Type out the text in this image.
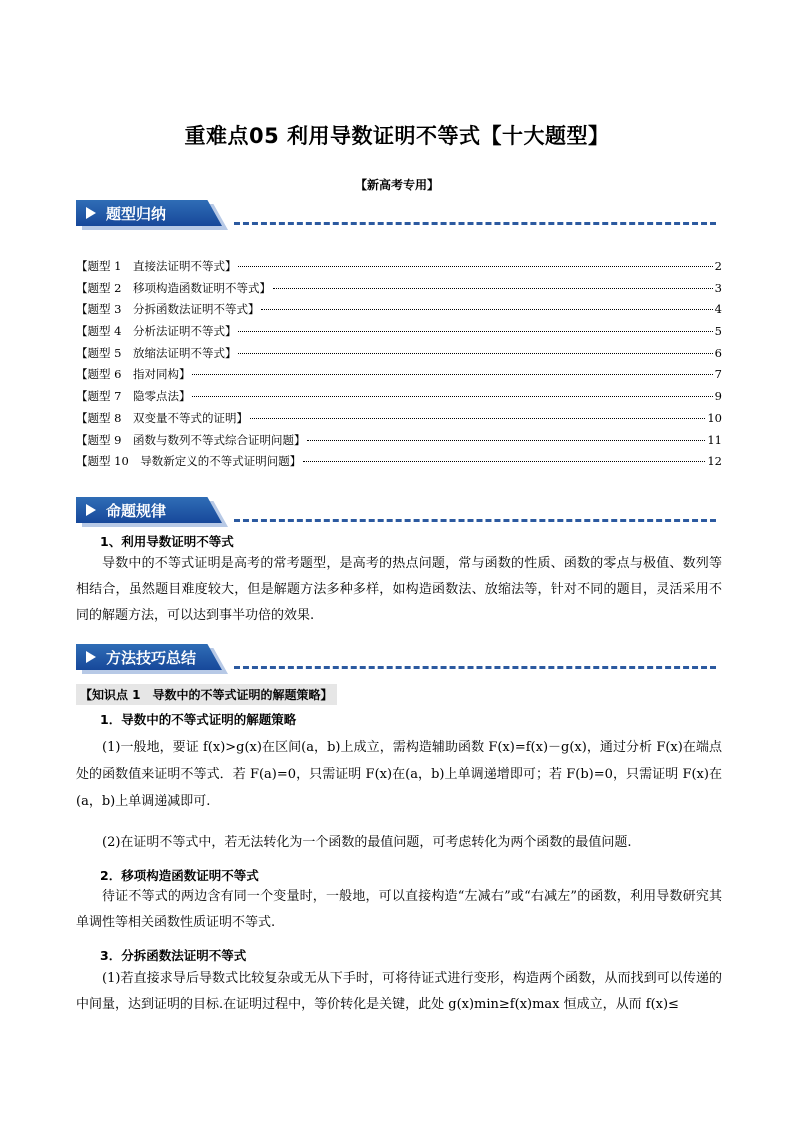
重难点05 利用导数证明不等式【十大题型】
【新高考专用】
题型归纳
【题型 1　直接法证明不等式】	2
【题型 2　移项构造函数证明不等式】	3
【题型 3　分拆函数法证明不等式】	4
【题型 4　分析法证明不等式】	5
【题型 5　放缩法证明不等式】	6
【题型 6　指对同构】	7
【题型 7　隐零点法】	9
【题型 8　双变量不等式的证明】	10
【题型 9　函数与数列不等式综合证明问题】	11
【题型 10　导数新定义的不等式证明问题】	12
命题规律
1、利用导数证明不等式
导数中的不等式证明是高考的常考题型，是高考的热点问题，常与函数的性质、函数的零点与极值、数列等相结合，虽然题目难度较大，但是解题方法多种多样，如构造函数法、放缩法等，针对不同的题目，灵活采用不同的解题方法，可以达到事半功倍的效果.
方法技巧总结
【知识点 1　导数中的不等式证明的解题策略】
1．导数中的不等式证明的解题策略
(1)一般地，要证 f(x)>g(x)在区间(a，b)上成立，需构造辅助函数 F(x)=f(x)－g(x)，通过分析 F(x)在端点处的函数值来证明不等式．若 F(a)=0，只需证明 F(x)在(a，b)上单调递增即可；若 F(b)=0，只需证明 F(x)在(a，b)上单调递减即可.
(2)在证明不等式中，若无法转化为一个函数的最值问题，可考虑转化为两个函数的最值问题.
2．移项构造函数证明不等式
待证不等式的两边含有同一个变量时，一般地，可以直接构造“左减右”或“右减左”的函数，利用导数研究其单调性等相关函数性质证明不等式.
3．分拆函数法证明不等式
(1)若直接求导后导数式比较复杂或无从下手时，可将待证式进行变形，构造两个函数，从而找到可以传递的中间量，达到证明的目标.在证明过程中，等价转化是关键，此处 g(x)min≥f(x)max 恒成立，从而 f(x)≤
